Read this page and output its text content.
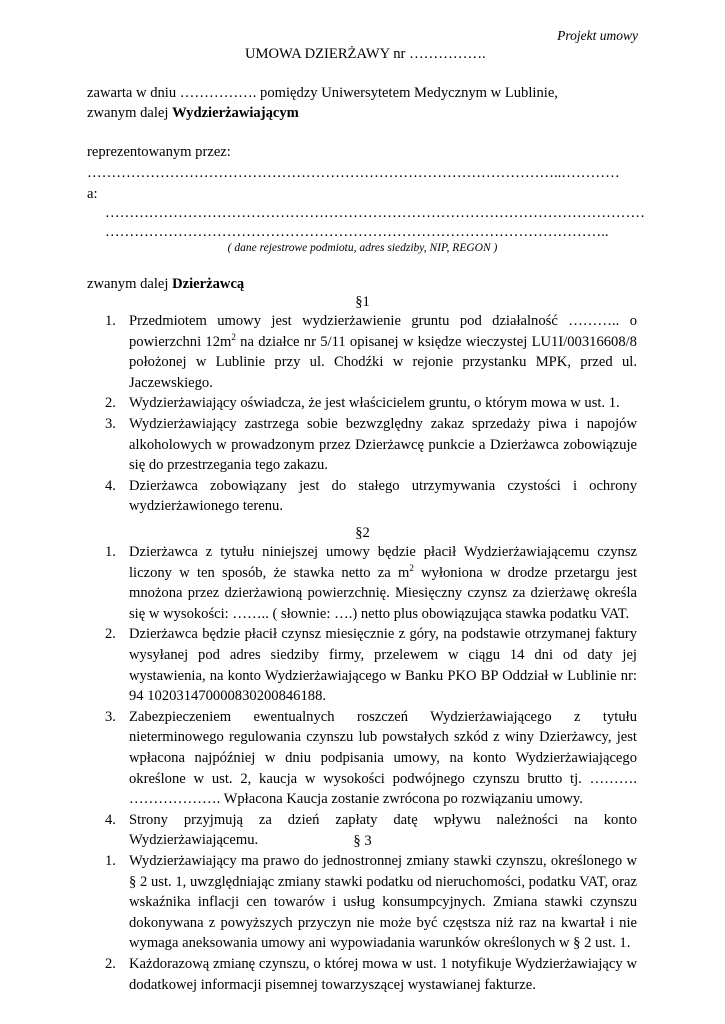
Projekt umowy
UMOWA DZIERŻAWY nr …………….
zawarta w dniu ……………. pomiędzy Uniwersytetem Medycznym w Lublinie,
zwanym dalej Wydzierżawiającym
reprezentowanym przez:
……………………………………………………………………………………..…………
a:
…………………………………………………………………………………………………
…………………………………………………………………………………………..
( dane rejestrowe podmiotu, adres siedziby, NIP, REGON )
zwanym dalej Dzierżawcą
§1
1. Przedmiotem umowy jest wydzierżawienie gruntu pod działalność ……….. o powierzchni $12m^2$ na działce nr 5/11 opisanej w księdze wieczystej LU1I/00316608/8 położonej w Lublinie przy ul. Chodźki w rejonie przystanku MPK, przed ul. Jaczewskiego.
2. Wydzierżawiający oświadcza, że jest właścicielem gruntu, o którym mowa w ust. 1.
3. Wydzierżawiający zastrzega sobie bezwzględny zakaz sprzedaży piwa i napojów alkoholowych w prowadzonym przez Dzierżawcę punkcie a Dzierżawca zobowiązuje się do przestrzegania tego zakazu.
4. Dzierżawca zobowiązany jest do stałego utrzymywania czystości i ochrony wydzierżawionego terenu.
§2
1. Dzierżawca z tytułu niniejszej umowy będzie płacił Wydzierżawiającemu czynsz liczony w ten sposób, że stawka netto za $m^2$ wyłoniona w drodze przetargu jest mnożona przez dzierżawioną powierzchnię. Miesięczny czynsz za dzierżawę określa się w wysokości: …….. ( słownie: ….) netto plus obowiązująca stawka podatku VAT.
2. Dzierżawca będzie płacił czynsz miesięcznie z góry, na podstawie otrzymanej faktury wysyłanej pod adres siedziby firmy, przelewem w ciągu 14 dni od daty jej wystawienia, na konto Wydzierżawiającego w Banku PKO BP Oddział w Lublinie nr: 94 1020314700008302008461​88.
3. Zabezpieczeniem ewentualnych roszczeń Wydzierżawiającego z tytułu nieterminowego regulowania czynszu lub powstałych szkód z winy Dzierżawcy, jest wpłacona najpóźniej w dniu podpisania umowy, na konto Wydzierżawiającego określone w ust. 2, kaucja w wysokości podwójnego czynszu brutto tj. ………. ………………. Wpłacona Kaucja zostanie zwrócona po rozwiązaniu umowy.
4. Strony przyjmują za dzień zapłaty datę wpływu należności na konto Wydzierżawiającemu.	§ 3
1. Wydzierżawiający ma prawo do jednostronnej zmiany stawki czynszu, określonego w § 2 ust. 1, uwzględniając zmiany stawki podatku od nieruchomości, podatku VAT, oraz wskaźnika inflacji cen towarów i usług konsumpcyjnych. Zmiana stawki czynszu dokonywana z powyższych przyczyn nie może być częstsza niż raz na kwartał i nie wymaga aneksowania umowy ani wypowiadania warunków określonych w § 2 ust. 1.
2. Każdorazową zmianę czynszu, o której mowa w ust. 1 notyfikuje Wydzierżawiający w dodatkowej informacji pisemnej towarzyszącej wystawianej fakturze.
